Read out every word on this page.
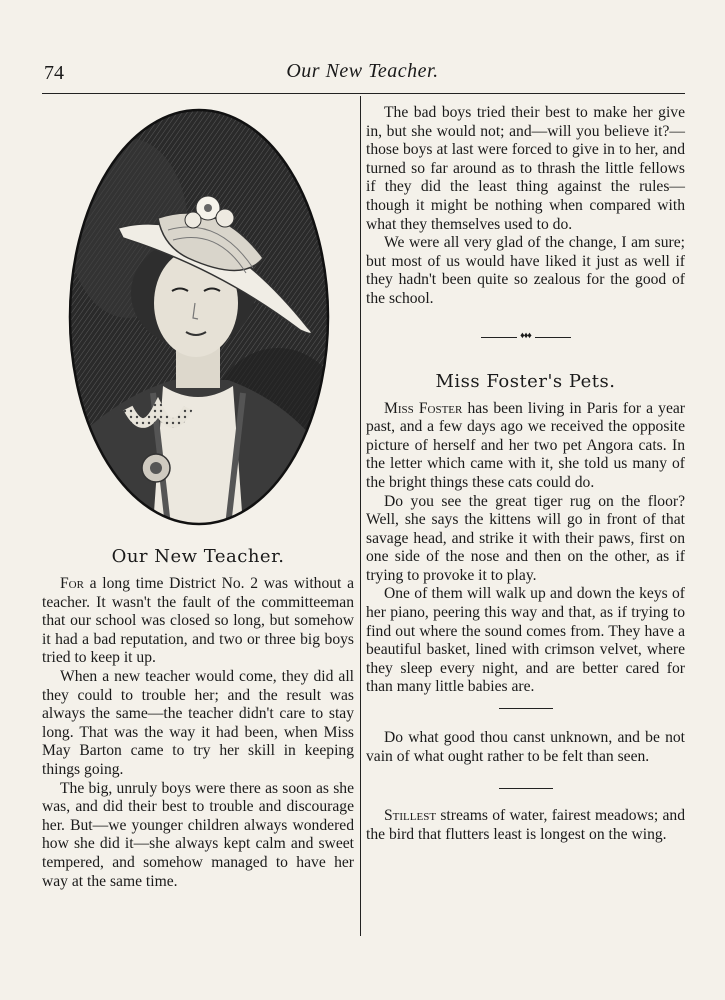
74	Our New Teacher.
Our New Teacher.

For a long time District No. 2 was without a teacher. It wasn't the fault of the committeeman that our school was closed so long, but somehow it had a bad reputation, and two or three big boys tried to keep it up.

When a new teacher would come, they did all they could to trouble her; and the result was always the same—the teacher didn't care to stay long. That was the way it had been, when Miss May Barton came to try her skill in keeping things going.

The big, unruly boys were there as soon as she was, and did their best to trouble and discourage her. But—we younger children always wondered how she did it—she always kept calm and sweet tempered, and somehow managed to have her way at the same time.

The bad boys tried their best to make her give in, but she would not; and—will you believe it?—those boys at last were forced to give in to her, and turned so far around as to thrash the little fellows if they did the least thing against the rules—though it might be nothing when compared with what they themselves used to do.

We were all very glad of the change, I am sure; but most of us would have liked it just as well if they hadn't been quite so zealous for the good of the school.

♦♦♦
Miss Foster's Pets.

Miss Foster has been living in Paris for a year past, and a few days ago we received the opposite picture of herself and her two pet Angora cats. In the letter which came with it, she told us many of the bright things these cats could do.

Do you see the great tiger rug on the floor? Well, she says the kittens will go in front of that savage head, and strike it with their paws, first on one side of the nose and then on the other, as if trying to provoke it to play.

One of them will walk up and down the keys of her piano, peering this way and that, as if trying to find out where the sound comes from. They have a beautiful basket, lined with crimson velvet, where they sleep every night, and are better cared for than many little babies are.

Do what good thou canst unknown, and be not vain of what ought rather to be felt than seen.

Stillest streams of water, fairest meadows; and the bird that flutters least is longest on the wing.
